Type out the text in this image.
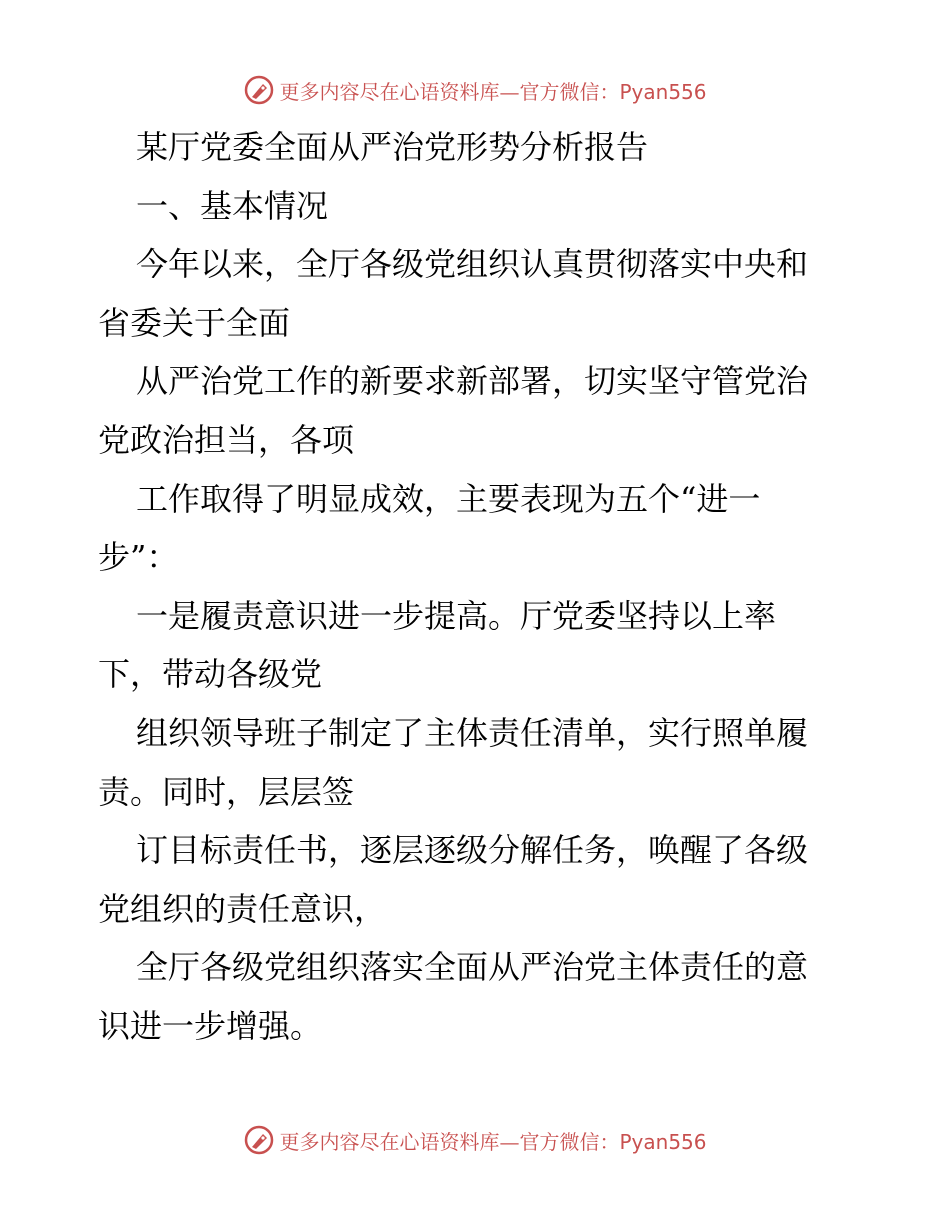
更多内容尽在心语资料库—官方微信：Pyan556
某厅党委全面从严治党形势分析报告
一、基本情况
今年以来，全厅各级党组织认真贯彻落实中央和
省委关于全面
从严治党工作的新要求新部署，切实坚守管党治
党政治担当，各项
工作取得了明显成效，主要表现为五个“进一
步”：
一是履责意识进一步提高。厅党委坚持以上率
下，带动各级党
组织领导班子制定了主体责任清单，实行照单履
责。同时，层层签
订目标责任书，逐层逐级分解任务，唤醒了各级
党组织的责任意识，
全厅各级党组织落实全面从严治党主体责任的意
识进一步增强。
更多内容尽在心语资料库—官方微信：Pyan556
